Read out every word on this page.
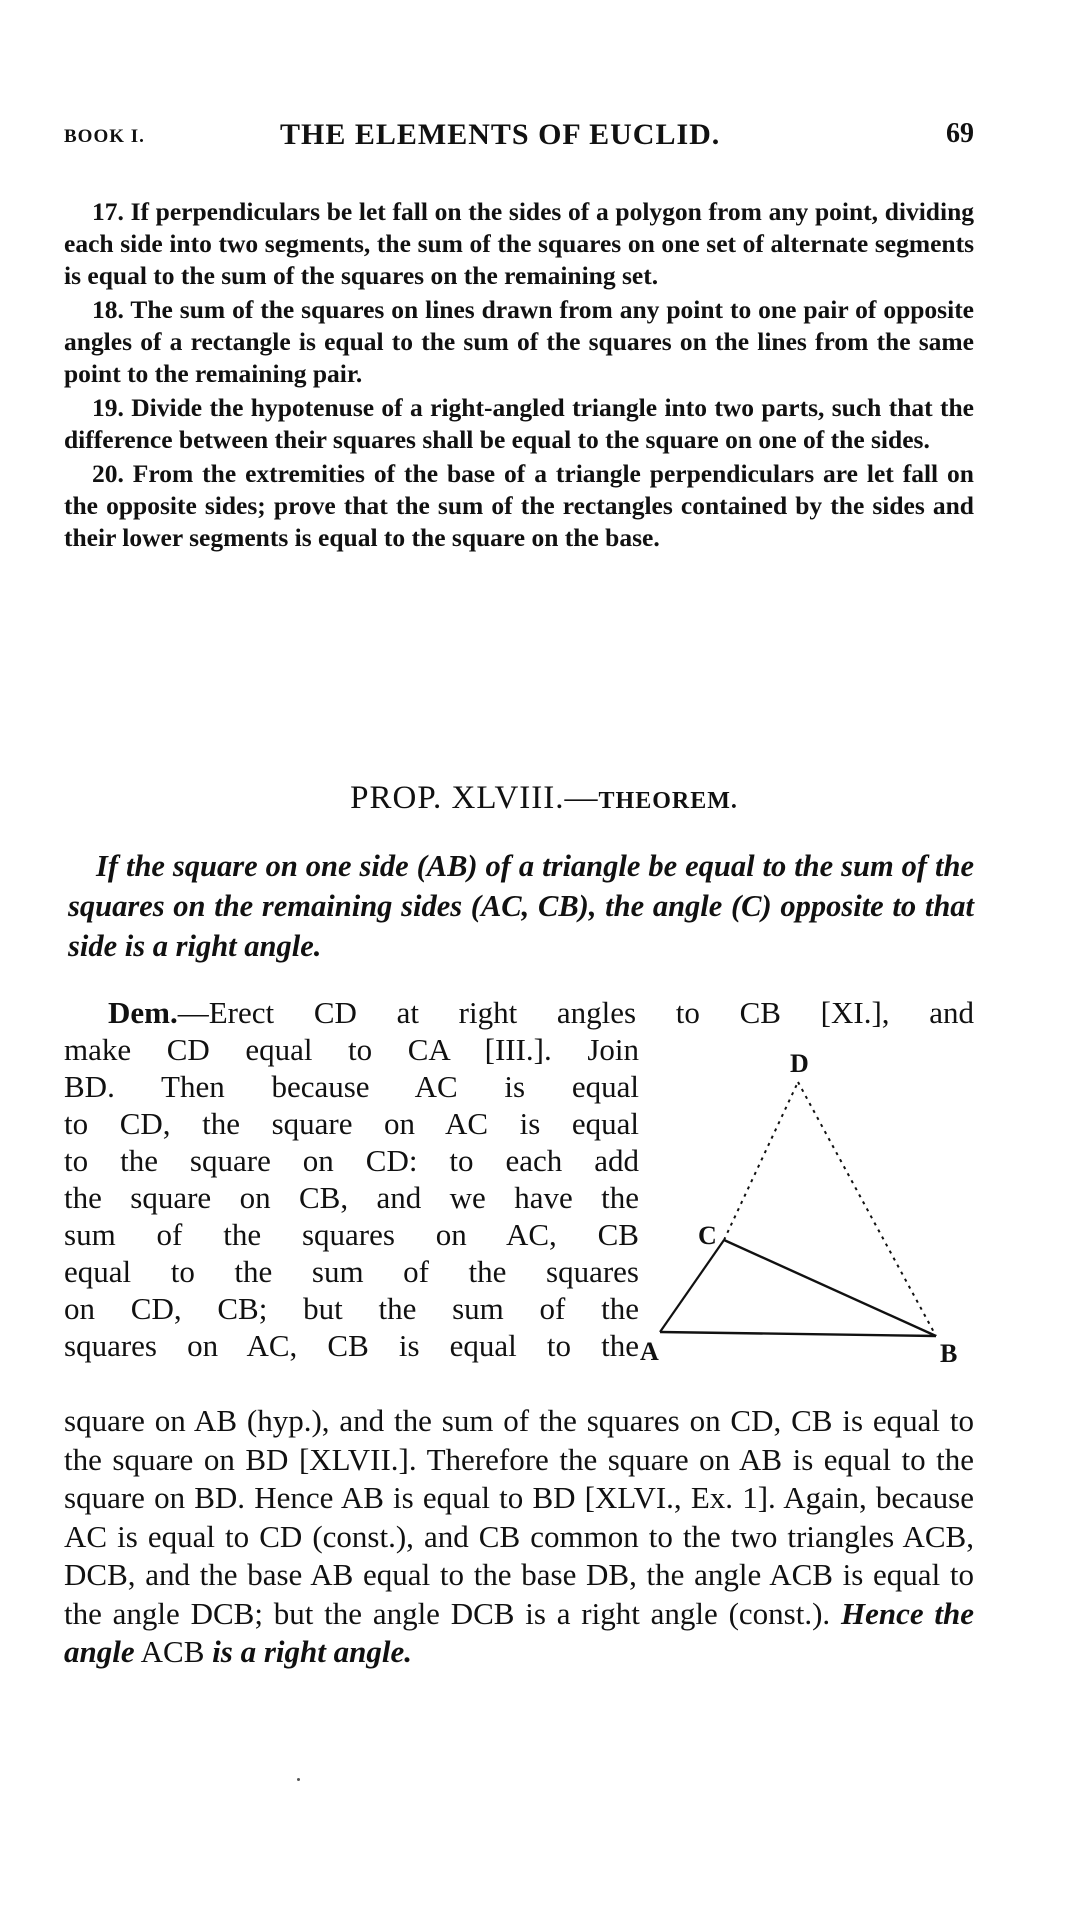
BOOK I.	THE ELEMENTS OF EUCLID.	69

17. If perpendiculars be let fall on the sides of a polygon from any point, dividing each side into two segments, the sum of the squares on one set of alternate segments is equal to the sum of the squares on the remaining set.

18. The sum of the squares on lines drawn from any point to one pair of opposite angles of a rectangle is equal to the sum of the squares on the lines from the same point to the remaining pair.

19. Divide the hypotenuse of a right-angled triangle into two parts, such that the difference between their squares shall be equal to the square on one of the sides.

20. From the extremities of the base of a triangle perpendiculars are let fall on the opposite sides; prove that the sum of the rectangles contained by the sides and their lower segments is equal to the square on the base.

PROP. XLVIII.—THEOREM.

If the square on one side (AB) of a triangle be equal to the sum of the squares on the remaining sides (AC, CB), the angle (C) opposite to that side is a right angle.

Dem.—Erect CD at right angles to CB [XI.], and

make CD equal to CA [III.]. Join
BD. Then because AC is equal
to CD, the square on AC is equal
to the square on CD: to each add
the square on CB, and we have the
sum of the squares on AC, CB
equal to the sum of the squares
on CD, CB; but the sum of the
squares on AC, CB is equal to the A	B
C
D

square on AB (hyp.), and the sum of the squares on CD, CB is equal to the square on BD [XLVII.]. Therefore the square on AB is equal to the square on BD. Hence AB is equal to BD [XLVI., Ex. 1]. Again, because AC is equal to CD (const.), and CB common to the two triangles ACB, DCB, and the base AB equal to the base DB, the angle ACB is equal to the angle DCB; but the angle DCB is a right angle (const.). Hence the angle ACB is a right angle.
